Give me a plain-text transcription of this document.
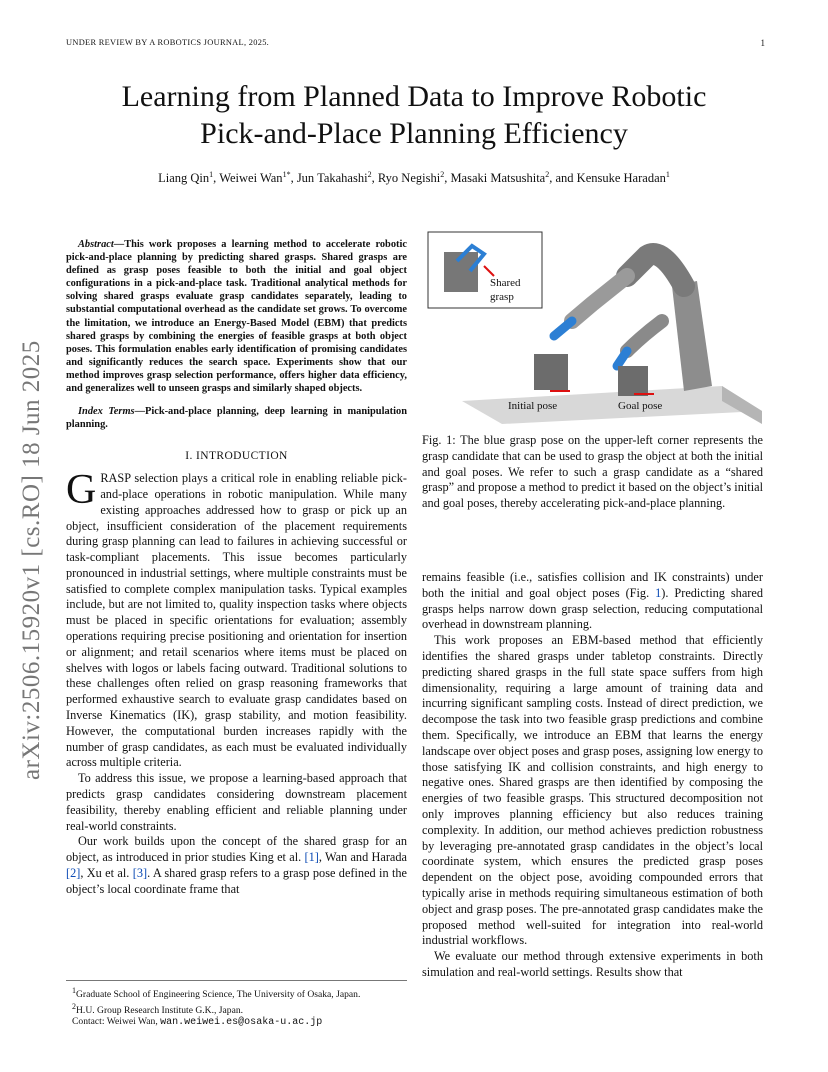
UNDER REVIEW BY A ROBOTICS JOURNAL, 2025.	1
Learning from Planned Data to Improve Robotic
Pick-and-Place Planning Efficiency
Liang Qin$^1$, Weiwei Wan$^{1*}$, Jun Takahashi$^2$, Ryo Negishi$^2$, Masaki Matsushita$^2$, and Kensuke Haradan$^1$
arXiv:2506.15920v1 [cs.RO] 18 Jun 2025

Abstract—This work proposes a learning method to accelerate robotic pick-and-place planning by predicting shared grasps. Shared grasps are defined as grasp poses feasible to both the initial and goal object configurations in a pick-and-place task. Traditional analytical methods for solving shared grasps evaluate grasp candidates separately, leading to substantial computational overhead as the candidate set grows. To overcome the limitation, we introduce an Energy-Based Model (EBM) that predicts shared grasps by combining the energies of feasible grasps at both object poses. This formulation enables early identification of promising candidates and significantly reduces the search space. Experiments show that our method improves grasp selection performance, offers higher data efficiency, and generalizes well to unseen grasps and similarly shaped objects.

Index Terms—Pick-and-place planning, deep learning in manipulation planning.

I. INTRODUCTION

GRASP selection plays a critical role in enabling reliable pick-and-place operations in robotic manipulation. While many existing approaches addressed how to grasp or pick up an object, insufficient consideration of the placement requirements during grasp planning can lead to failures in achieving successful or task-compliant placements. This issue becomes particularly pronounced in industrial settings, where multiple constraints must be satisfied to complete complex manipulation tasks. Typical examples include, but are not limited to, quality inspection tasks where objects must be placed in specific orientations for evaluation; assembly operations requiring precise positioning and orientation for insertion or alignment; and retail scenarios where items must be placed on shelves with logos or labels facing outward. Traditional solutions to these challenges often relied on grasp reasoning frameworks that performed exhaustive search to evaluate grasp candidates based on Inverse Kinematics (IK), grasp stability, and motion feasibility. However, the computational burden increases rapidly with the number of grasp candidates, as each must be evaluated individually across multiple criteria.

To address this issue, we propose a learning-based approach that predicts grasp candidates considering downstream placement feasibility, thereby enabling efficient and reliable planning under real-world constraints.

Our work builds upon the concept of the shared grasp for an object, as introduced in prior studies King et al. [1], Wan and Harada [2], Xu et al. [3]. A shared grasp refers to a grasp pose defined in the object’s local coordinate frame that

$^1$Graduate School of Engineering Science, The University of Osaka, Japan.
$^2$H.U. Group Research Institute G.K., Japan.
Contact: Weiwei Wan, wan.weiwei.es@osaka-u.ac.jp
Shared
grasp
Initial pose	Goal pose
Fig. 1: The blue grasp pose on the upper-left corner represents the grasp candidate that can be used to grasp the object at both the initial and goal poses. We refer to such a grasp candidate as a “shared grasp” and propose a method to predict it based on the object’s initial and goal poses, thereby accelerating pick-and-place planning.

remains feasible (i.e., satisfies collision and IK constraints) under both the initial and goal object poses (Fig. 1). Predicting shared grasps helps narrow down grasp selection, reducing computational overhead in downstream planning.

This work proposes an EBM-based method that efficiently identifies the shared grasps under tabletop constraints. Directly predicting shared grasps in the full state space suffers from high dimensionality, requiring a large amount of training data and incurring significant sampling costs. Instead of direct prediction, we decompose the task into two feasible grasp predictions and combine them. Specifically, we introduce an EBM that learns the energy landscape over object poses and grasp poses, assigning low energy to those satisfying IK and collision constraints, and high energy to negative ones. Shared grasps are then identified by composing the energies of two feasible grasps. This structured decomposition not only improves planning efficiency but also reduces training complexity. In addition, our method achieves prediction robustness by leveraging pre-annotated grasp candidates in the object’s local coordinate system, which ensures the predicted grasp poses dependent on the object pose, avoiding compounded errors that typically arise in methods requiring simultaneous estimation of both object and grasp poses. The pre-annotated grasp candidates make the proposed method well-suited for integration into real-world industrial workflows.

We evaluate our method through extensive experiments in both simulation and real-world settings. Results show that
